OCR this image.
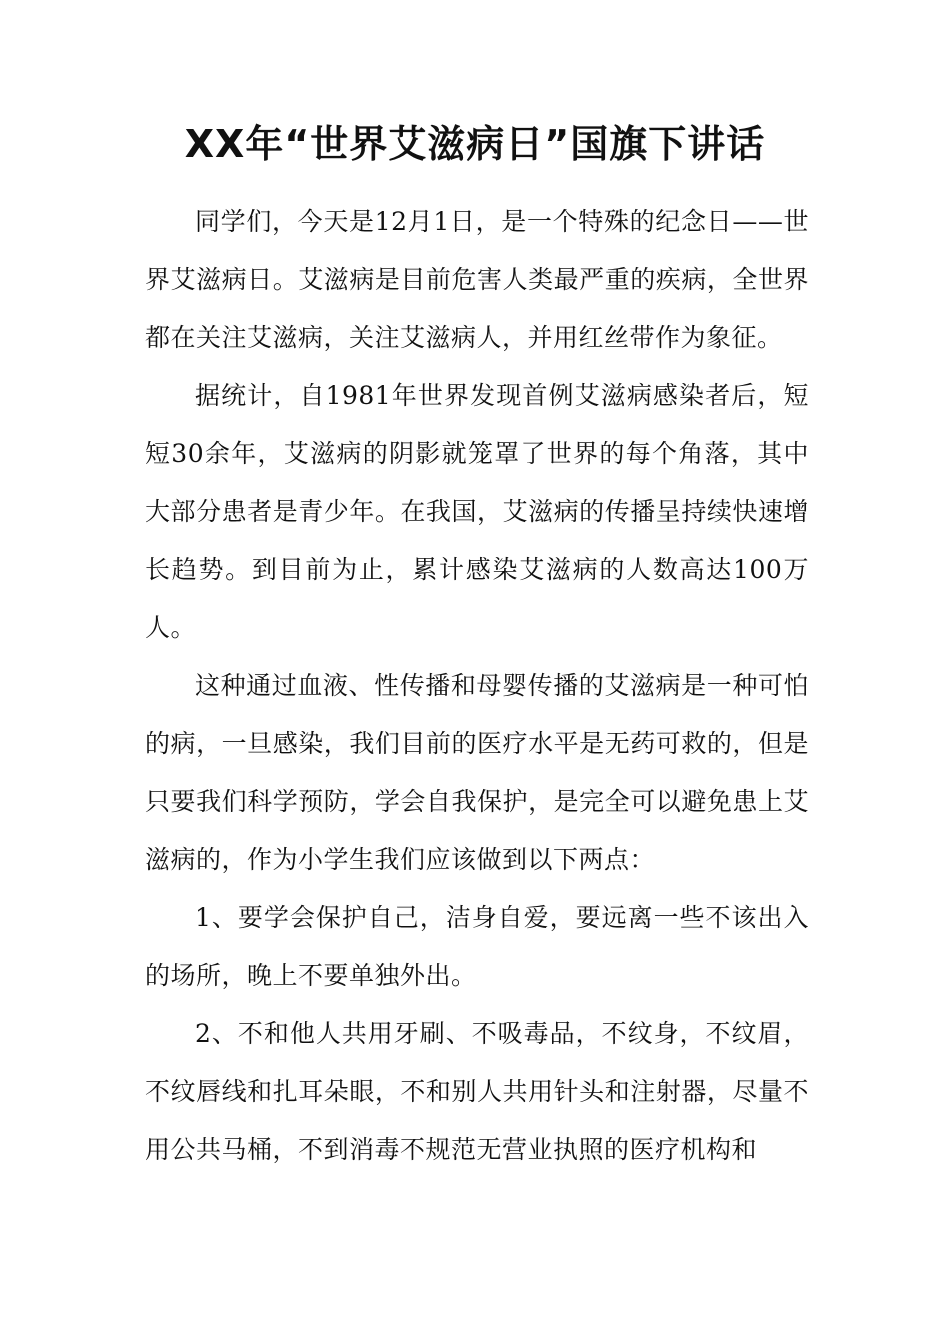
XX年“世界艾滋病日”国旗下讲话

同学们，今天是12月1日，是一个特殊的纪念日——世界艾滋病日。艾滋病是目前危害人类最严重的疾病，全世界都在关注艾滋病，关注艾滋病人，并用红丝带作为象征。

据统计，自1981年世界发现首例艾滋病感染者后，短短30余年，艾滋病的阴影就笼罩了世界的每个角落，其中大部分患者是青少年。在我国，艾滋病的传播呈持续快速增长趋势。到目前为止，累计感染艾滋病的人数高达100万人。

这种通过血液、性传播和母婴传播的艾滋病是一种可怕的病，一旦感染，我们目前的医疗水平是无药可救的，但是只要我们科学预防，学会自我保护，是完全可以避免患上艾滋病的，作为小学生我们应该做到以下两点：

1、要学会保护自己，洁身自爱，要远离一些不该出入的场所，晚上不要单独外出。

2、不和他人共用牙刷、不吸毒品，不纹身，不纹眉，不纹唇线和扎耳朵眼，不和别人共用针头和注射器，尽量不用公共马桶，不到消毒不规范无营业执照的医疗机构和
